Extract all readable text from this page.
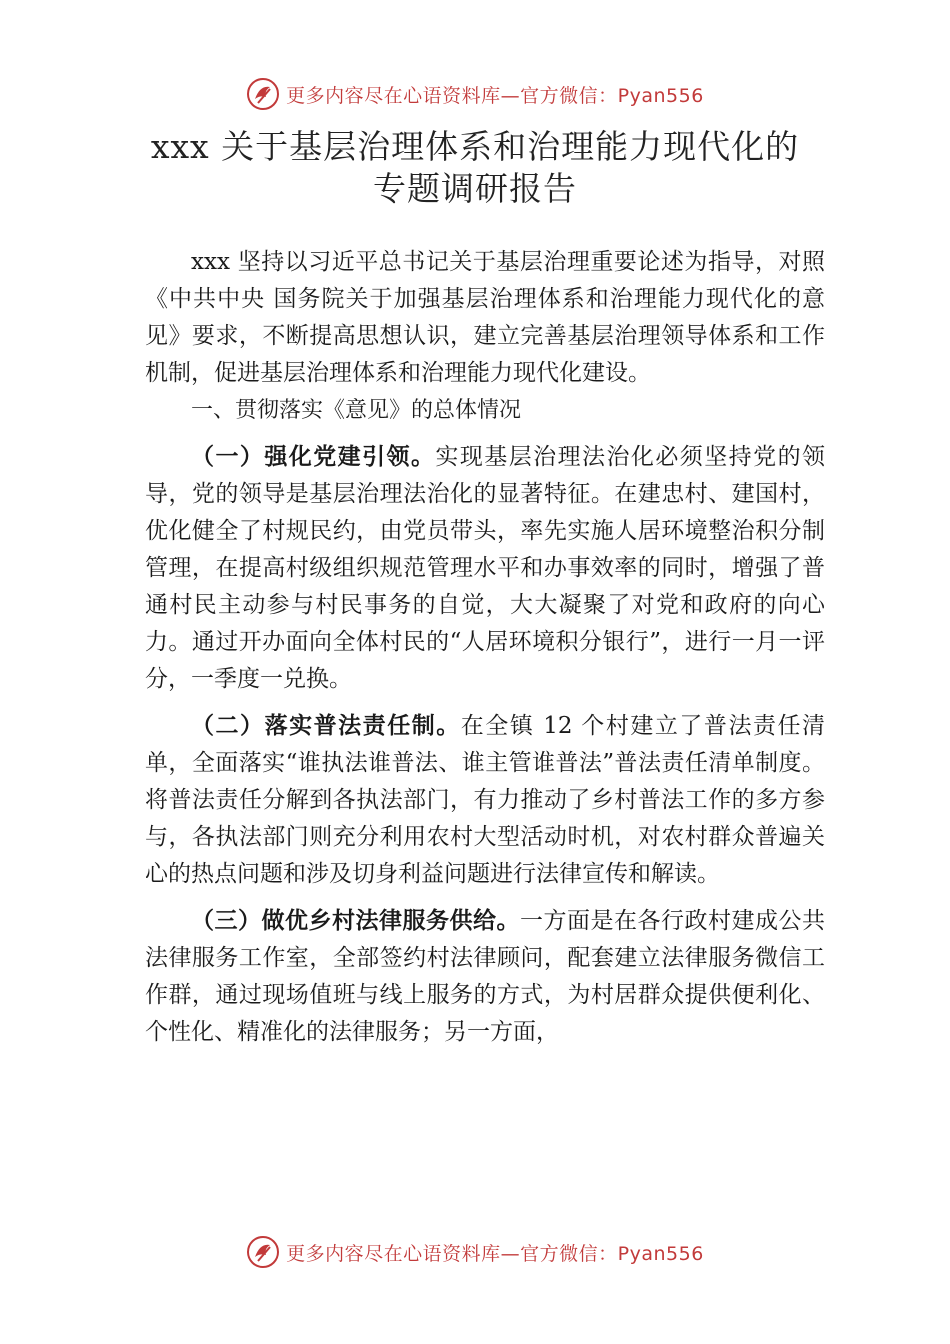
更多内容尽在心语资料库—官方微信：Pyan556
xxx 关于基层治理体系和治理能力现代化的
专题调研报告

xxx 坚持以习近平总书记关于基层治理重要论述为指导，对照《中共中央 国务院关于加强基层治理体系和治理能力现代化的意见》要求，不断提高思想认识，建立完善基层治理领导体系和工作机制，促进基层治理体系和治理能力现代化建设。

一、贯彻落实《意见》的总体情况

（一）强化党建引领。实现基层治理法治化必须坚持党的领导，党的领导是基层治理法治化的显著特征。在建忠村、建国村，优化健全了村规民约，由党员带头，率先实施人居环境整治积分制管理，在提高村级组织规范管理水平和办事效率的同时，增强了普通村民主动参与村民事务的自觉，大大凝聚了对党和政府的向心力。通过开办面向全体村民的“人居环境积分银行”，进行一月一评分，一季度一兑换。

（二）落实普法责任制。在全镇 12 个村建立了普法责任清单，全面落实“谁执法谁普法、谁主管谁普法”普法责任清单制度。将普法责任分解到各执法部门，有力推动了乡村普法工作的多方参与，各执法部门则充分利用农村大型活动时机，对农村群众普遍关心的热点问题和涉及切身利益问题进行法律宣传和解读。

（三）做优乡村法律服务供给。一方面是在各行政村建成公共法律服务工作室，全部签约村法律顾问，配套建立法律服务微信工作群，通过现场值班与线上服务的方式，为村居群众提供便利化、个性化、精准化的法律服务；另一方面，

更多内容尽在心语资料库—官方微信：Pyan556
